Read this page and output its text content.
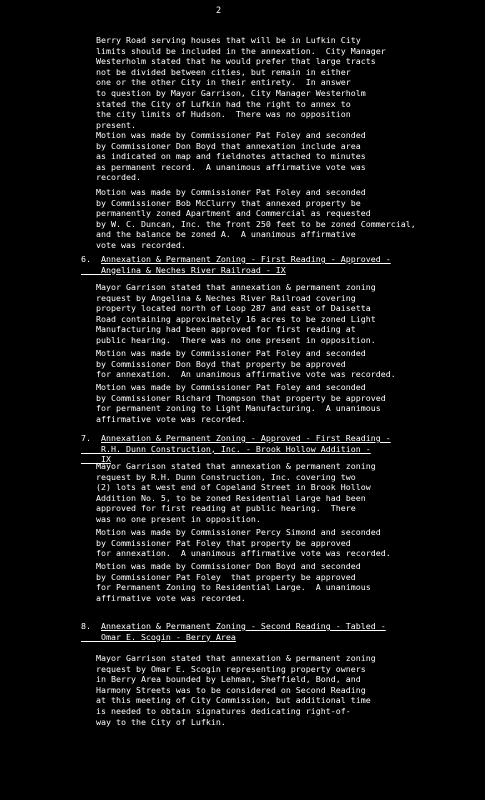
2
Berry Road serving houses that will be in Lufkin City
limits should be included in the annexation.  City Manager
Westerholm stated that he would prefer that large tracts
not be divided between cities, but remain in either
one or the other City in their entirety.  In answer
to question by Mayor Garrison, City Manager Westerholm
stated the City of Lufkin had the right to annex to
the city limits of Hudson.  There was no opposition
present.
Motion was made by Commissioner Pat Foley and seconded
by Commissioner Don Boyd that annexation include area
as indicated on map and fieldnotes attached to minutes
as permanent record.  A unanimous affirmative vote was
recorded.
Motion was made by Commissioner Pat Foley and seconded
by Commissioner Bob McClurry that annexed property be
permanently zoned Apartment and Commercial as requested
by W. C. Duncan, Inc. the front 250 feet to be zoned Commercial,
and the balance be zoned A.  A unanimous affirmative
vote was recorded.
6.  Annexation & Permanent Zoning - First Reading - Approved -
Angelina & Neches River Railroad - IX
Mayor Garrison stated that annexation & permanent zoning
request by Angelina & Neches River Railroad covering
property located north of Loop 287 and east of Daisetta
Road containing approximately 16 acres to be zoned Light
Manufacturing had been approved for first reading at
public hearing.  There was no one present in opposition.
Motion was made by Commissioner Pat Foley and seconded
by Commissioner Don Boyd that property be approved
for annexation.  An unanimous affirmative vote was recorded.
Motion was made by Commissioner Pat Foley and seconded
by Commissioner Richard Thompson that property be approved
for permanent zoning to Light Manufacturing.  A unanimous
affirmative vote was recorded.
7.  Annexation & Permanent Zoning - Approved - First Reading -
R.H. Dunn Construction, Inc. - Brook Hollow Addition -
IX
Mayor Garrison stated that annexation & permanent zoning
request by R.H. Dunn Construction, Inc. covering two
(2) lots at west end of Copeland Street in Brook Hollow
Addition No. 5, to be zoned Residential Large had been
approved for first reading at public hearing.  There
was no one present in opposition.
Motion was made by Commissioner Percy Simond and seconded
by Commissioner Pat Foley that property be approved
for annexation.  A unanimous affirmative vote was recorded.
Motion was made by Commissioner Don Boyd and seconded
by Commissioner Pat Foley  that property be approved
for Permanent Zoning to Residential Large.  A unanimous
affirmative vote was recorded.
8.  Annexation & Permanent Zoning - Second Reading - Tabled -
Omar E. Scogin - Berry Area
Mayor Garrison stated that annexation & permanent zoning
request by Omar E. Scogin representing property owners
in Berry Area bounded by Lehman, Sheffield, Bond, and
Harmony Streets was to be considered on Second Reading
at this meeting of City Commission, but additional time
is needed to obtain signatures dedicating right-of-
way to the City of Lufkin.
